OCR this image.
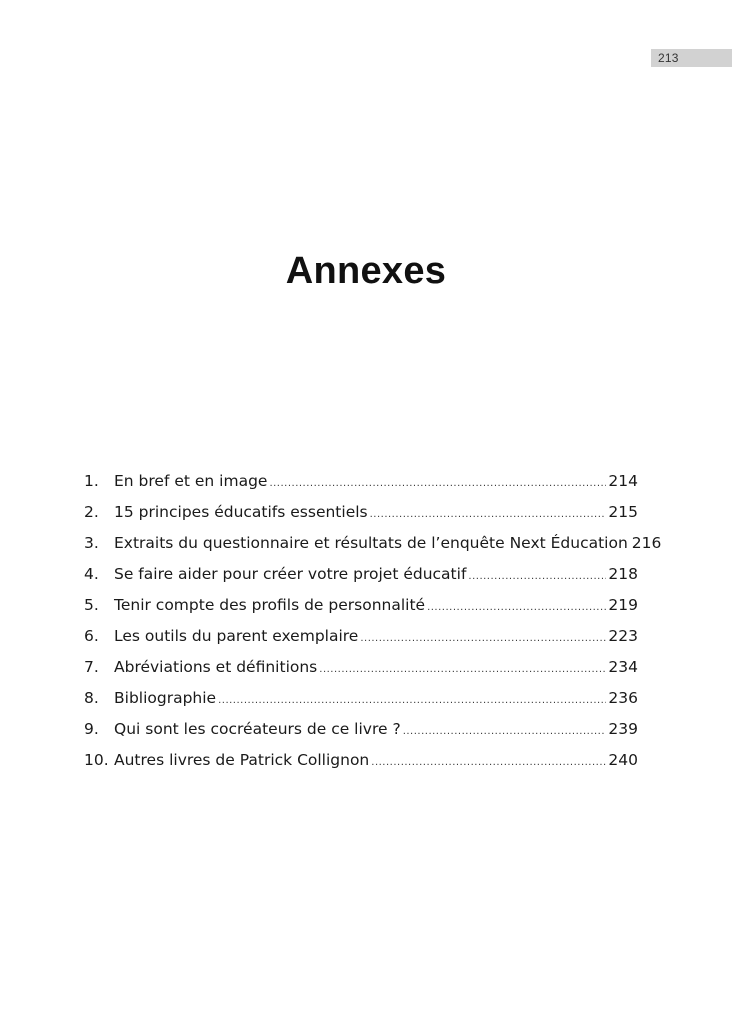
213
Annexes
1. En bref et en image .....	214
2. 15 principes éducatifs essentiels .....	215
3. Extraits du questionnaire et résultats de l’enquête Next Éducation 216
4. Se faire aider pour créer votre projet éducatif .....	218
5. Tenir compte des profils de personnalité .....	219
6. Les outils du parent exemplaire .....	223
7. Abréviations et définitions .....	234
8. Bibliographie .....	236
9. Qui sont les cocréateurs de ce livre ? .....	239
10. Autres livres de Patrick Collignon .....	240
